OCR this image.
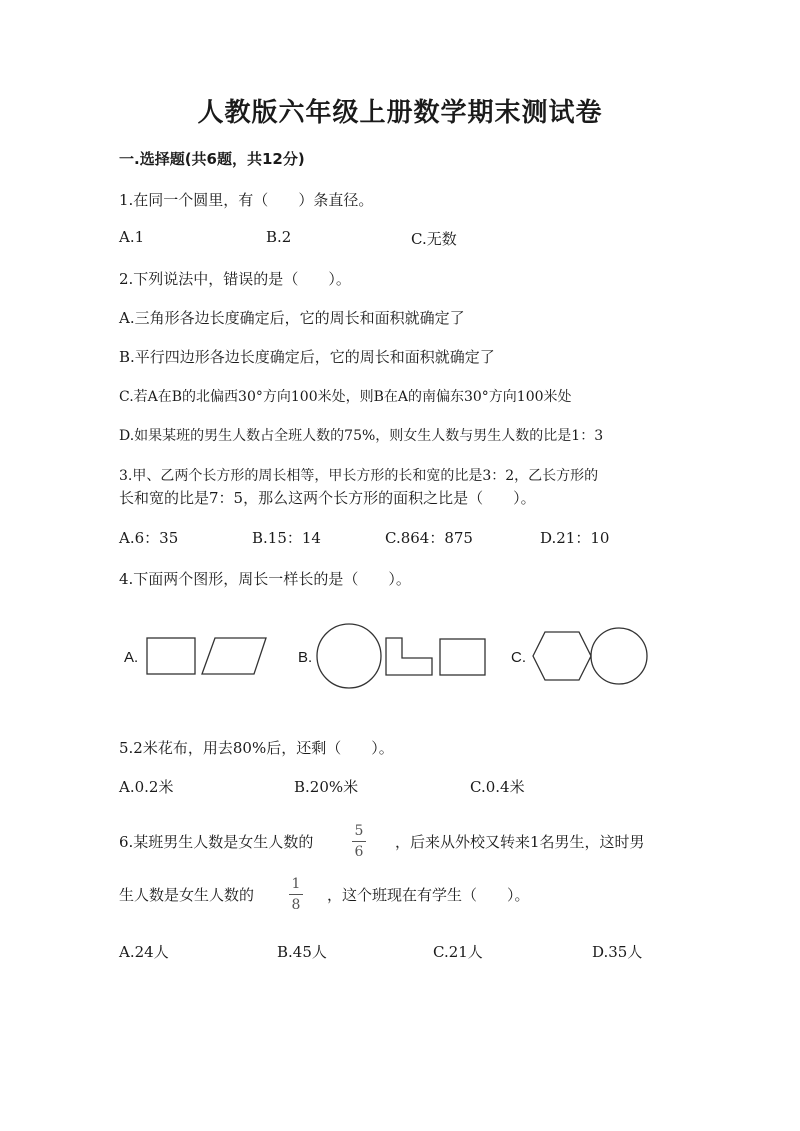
人教版六年级上册数学期末测试卷
一.选择题(共6题，共12分)
1.在同一个圆里，有（　　）条直径。
A.1	B.2	C.无数
2.下列说法中，错误的是（　　）。
A.三角形各边长度确定后，它的周长和面积就确定了
B.平行四边形各边长度确定后，它的周长和面积就确定了
C.若A在B的北偏西30°方向100米处，则B在A的南偏东30°方向100米处
D.如果某班的男生人数占全班人数的75%，则女生人数与男生人数的比是1：3
3.甲、乙两个长方形的周长相等，甲长方形的长和宽的比是3：2，乙长方形的
长和宽的比是7：5，那么这两个长方形的面积之比是（　　）。
A.6：35	B.15：14	C.864：875	D.21：10
4.下面两个图形，周长一样长的是（　　）。
A.	B.	C.
5.2米花布，用去80%后，还剩（　　）。
A.0.2米	B.20%米	C.0.4米
6.某班男生人数是女生人数的
5
6
，后来从外校又转来1名男生，这时男
生人数是女生人数的
1
8
，这个班现在有学生（　　）。
A.24人	B.45人	C.21人	D.35人
